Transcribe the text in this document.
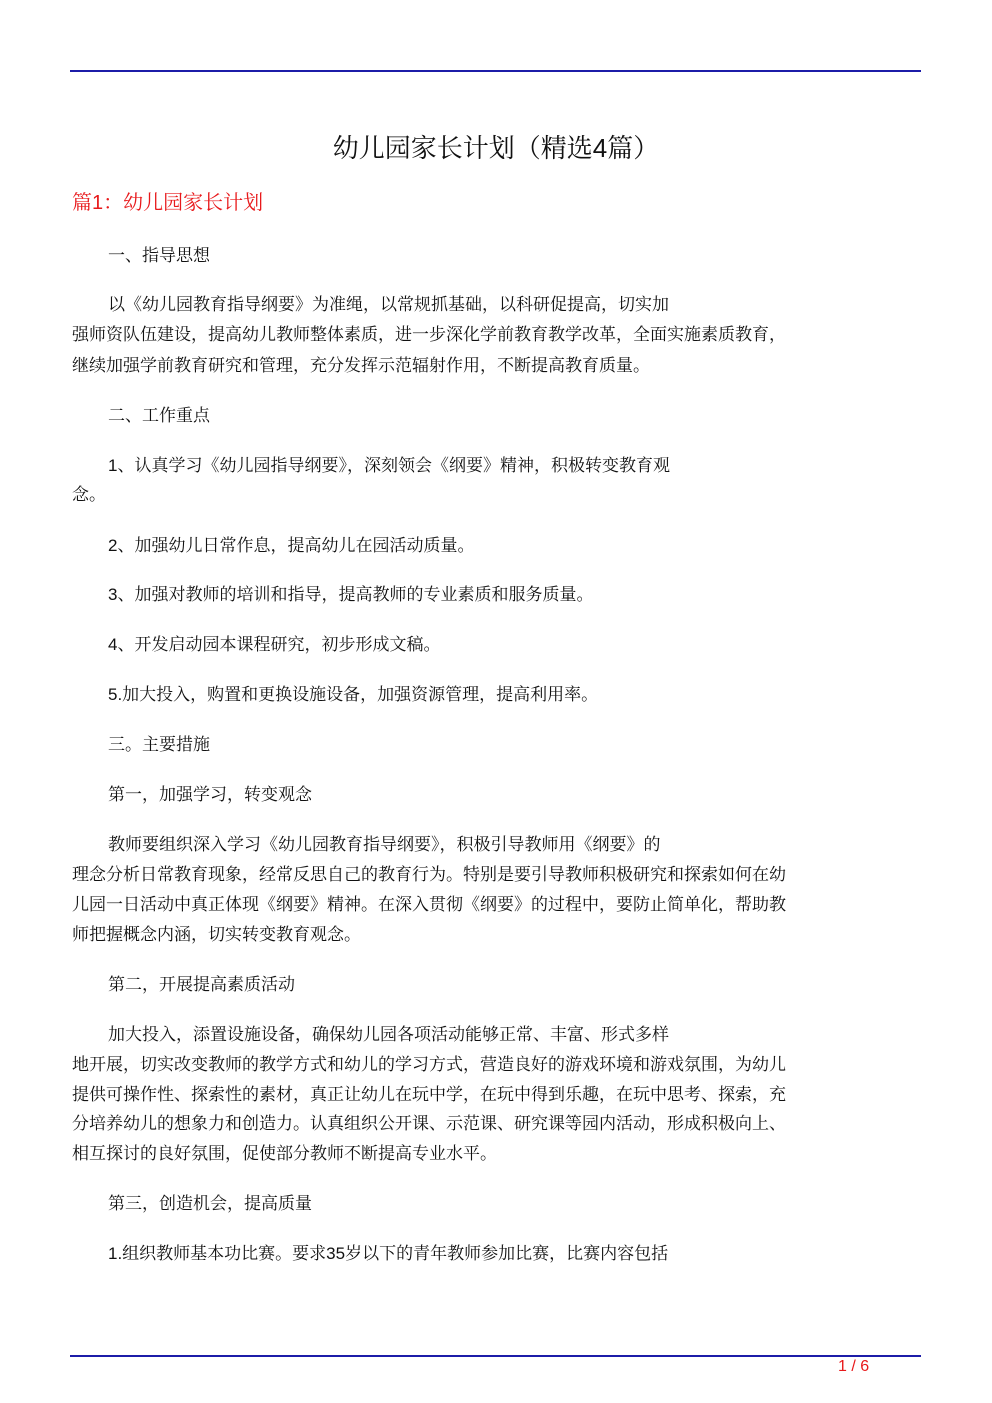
幼儿园家长计划（精选4篇）
篇1：幼儿园家长计划
一、指导思想
以《幼儿园教育指导纲要》为准绳，以常规抓基础，以科研促提高，切实加
强师资队伍建设，提高幼儿教师整体素质，进一步深化学前教育教学改革，全面实施素质教育，
继续加强学前教育研究和管理，充分发挥示范辐射作用，不断提高教育质量。
二、工作重点
1、认真学习《幼儿园指导纲要》，深刻领会《纲要》精神，积极转变教育观
念。
2、加强幼儿日常作息，提高幼儿在园活动质量。
3、加强对教师的培训和指导，提高教师的专业素质和服务质量。
4、开发启动园本课程研究，初步形成文稿。
5.加大投入，购置和更换设施设备，加强资源管理，提高利用率。
三。主要措施
第一，加强学习，转变观念
教师要组织深入学习《幼儿园教育指导纲要》，积极引导教师用《纲要》的
理念分析日常教育现象，经常反思自己的教育行为。特别是要引导教师积极研究和探索如何在幼
儿园一日活动中真正体现《纲要》精神。在深入贯彻《纲要》的过程中，要防止简单化，帮助教
师把握概念内涵，切实转变教育观念。
第二，开展提高素质活动
加大投入，添置设施设备，确保幼儿园各项活动能够正常、丰富、形式多样
地开展，切实改变教师的教学方式和幼儿的学习方式，营造良好的游戏环境和游戏氛围，为幼儿
提供可操作性、探索性的素材，真正让幼儿在玩中学，在玩中得到乐趣，在玩中思考、探索，充
分培养幼儿的想象力和创造力。认真组织公开课、示范课、研究课等园内活动，形成积极向上、
相互探讨的良好氛围，促使部分教师不断提高专业水平。
第三，创造机会，提高质量
1.组织教师基本功比赛。要求35岁以下的青年教师参加比赛，比赛内容包括
1 / 6
